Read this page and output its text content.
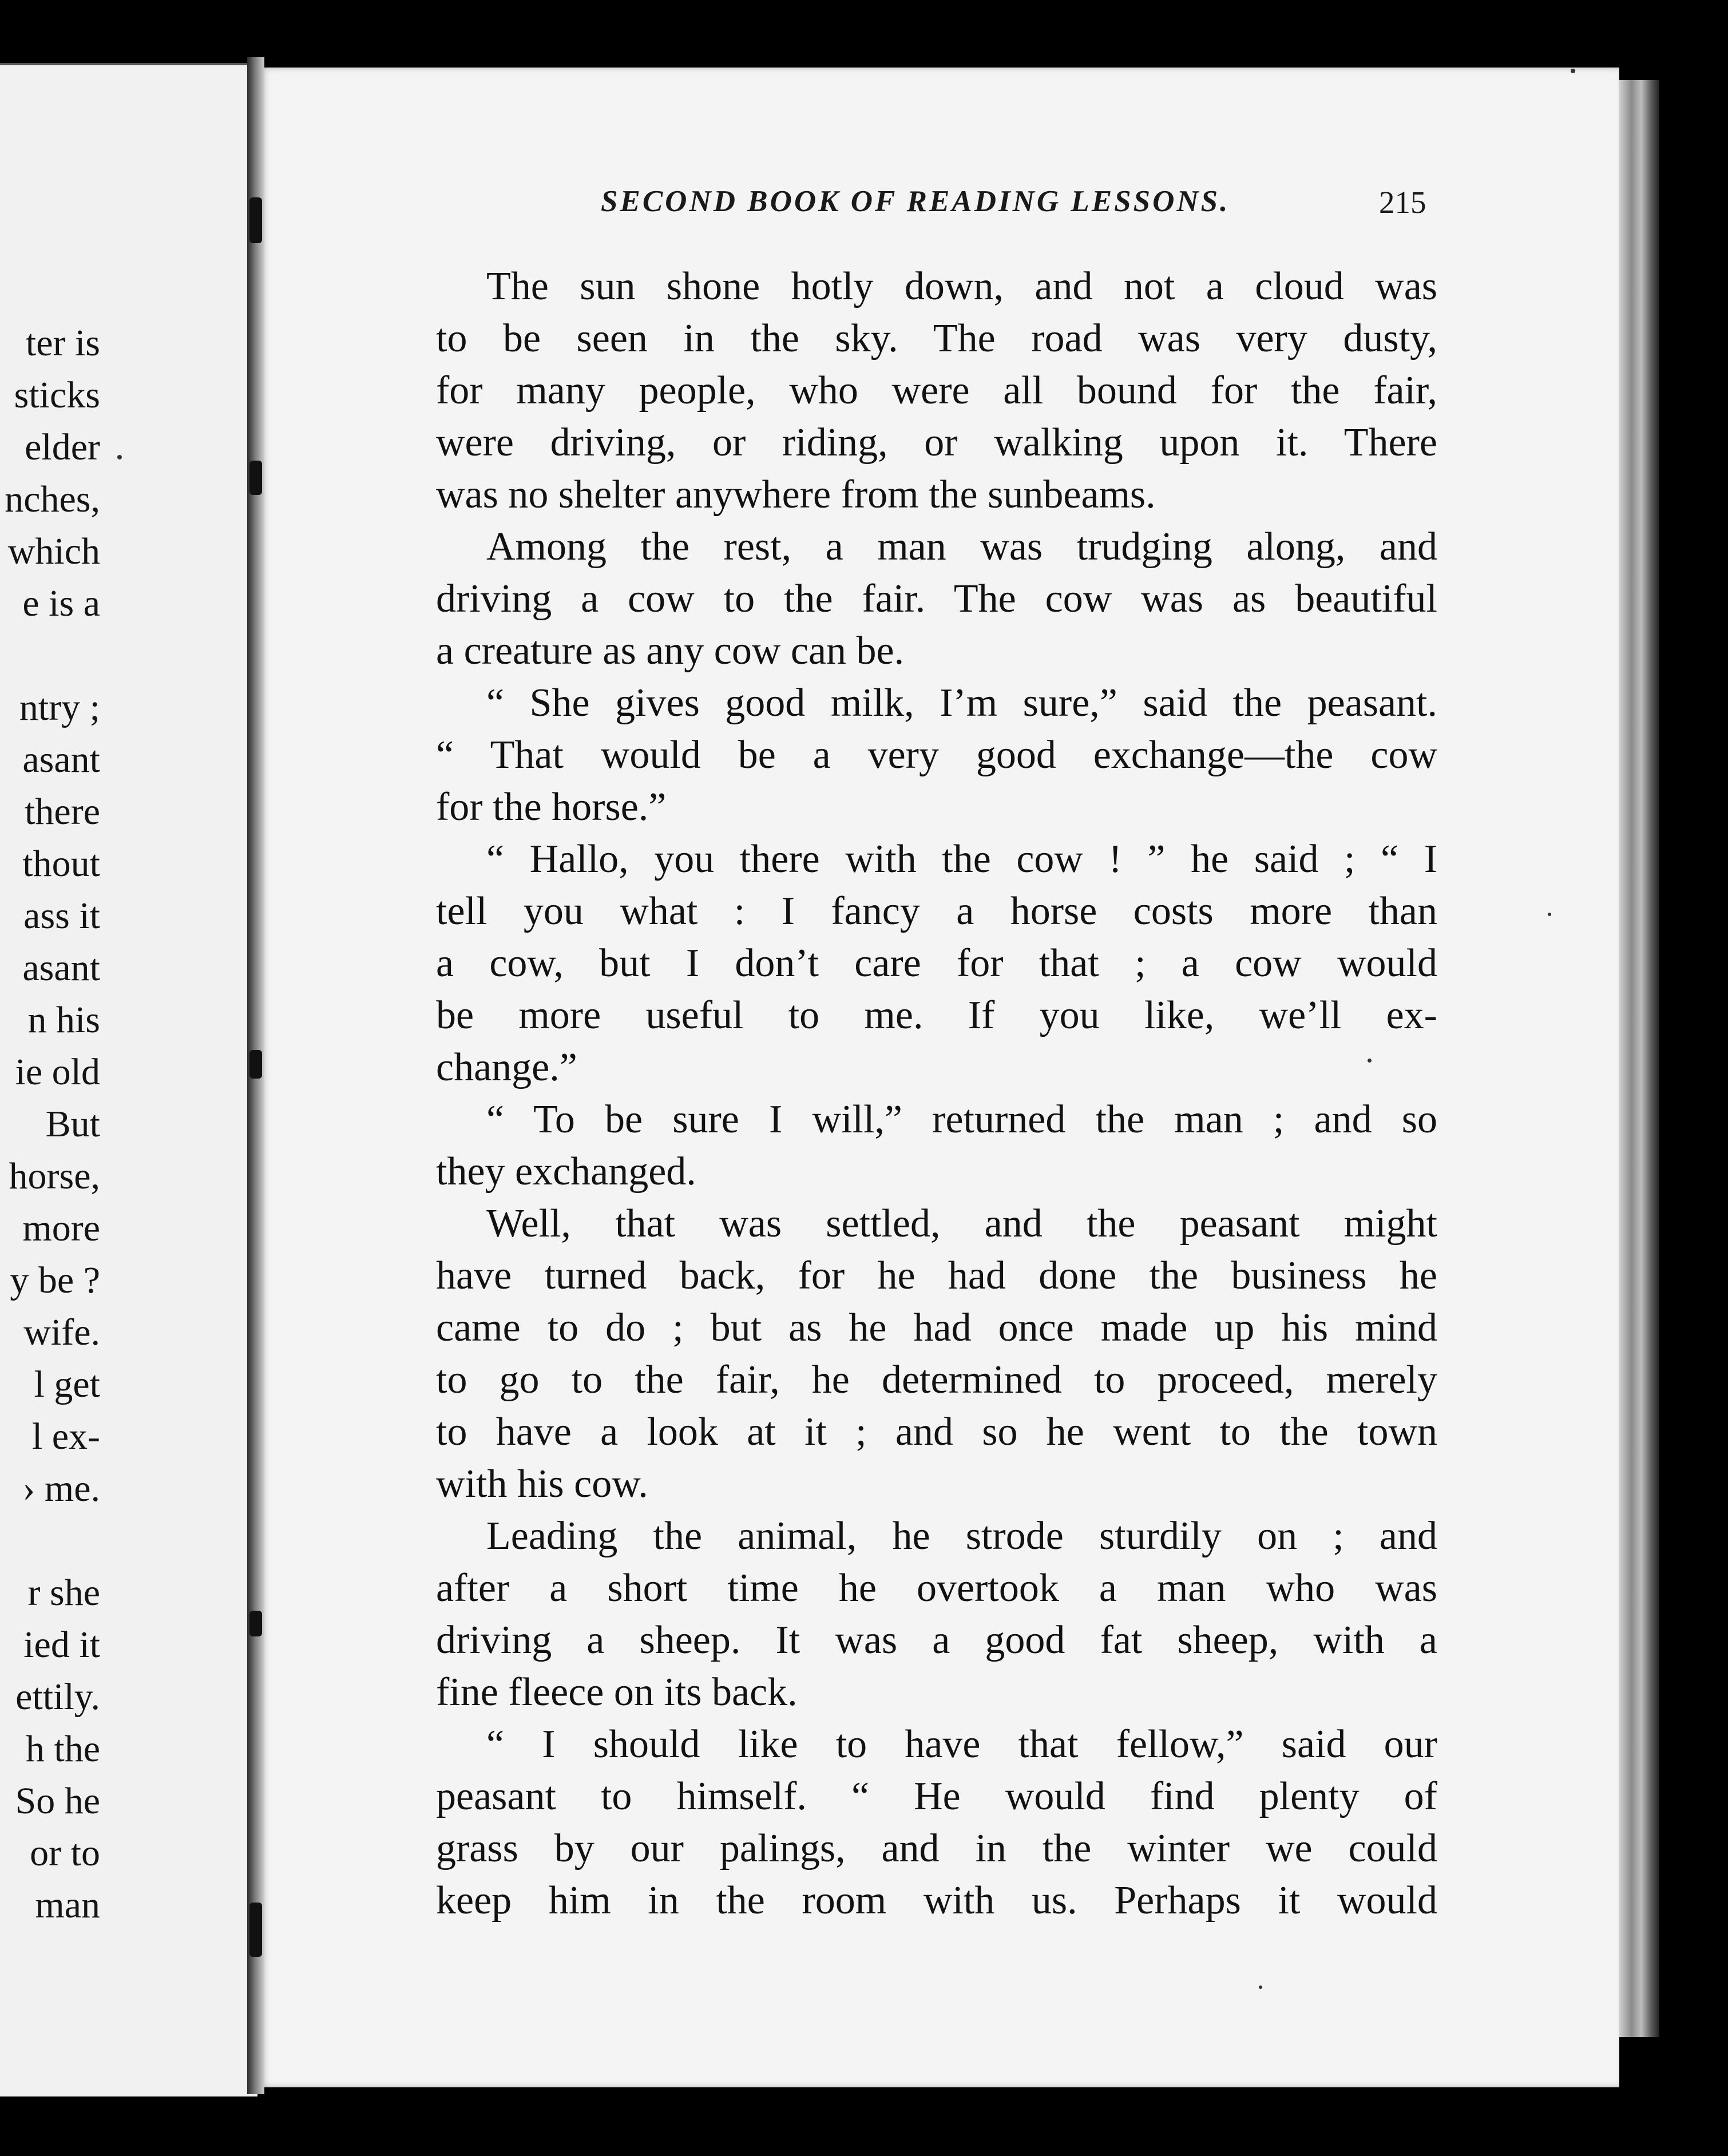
ter is
sticks
elder
nches,
which
e is a
ntry ;
asant
there
thout
ass it
asant
n his
ie old
But
horse,
more
y be ?
wife.
l get
l ex-
› me.
r she
ied it
ettily.
h the
So he
or to
man
SECOND BOOK OF READING LESSONS.	215
The sun shone hotly down, and not a cloud was
to be seen in the sky. The road was very dusty,
for many people, who were all bound for the fair,
were driving, or riding, or walking upon it. There
was no shelter anywhere from the sunbeams.
Among the rest, a man was trudging along, and
driving a cow to the fair. The cow was as beautiful
a creature as any cow can be.
“ She gives good milk, I’m sure,” said the peasant.
“ That would be a very good exchange—the cow
for the horse.”
“ Hallo, you there with the cow ! ” he said ; “ I
tell you what : I fancy a horse costs more than
a cow, but I don’t care for that ; a cow would
be more useful to me. If you like, we’ll ex-
change.”
“ To be sure I will,” returned the man ; and so
they exchanged.
Well, that was settled, and the peasant might
have turned back, for he had done the business he
came to do ; but as he had once made up his mind
to go to the fair, he determined to proceed, merely
to have a look at it ; and so he went to the town
with his cow.
Leading the animal, he strode sturdily on ; and
after a short time he overtook a man who was
driving a sheep. It was a good fat sheep, with a
fine fleece on its back.
“ I should like to have that fellow,” said our
peasant to himself. “ He would find plenty of
grass by our palings, and in the winter we could
keep him in the room with us. Perhaps it would
